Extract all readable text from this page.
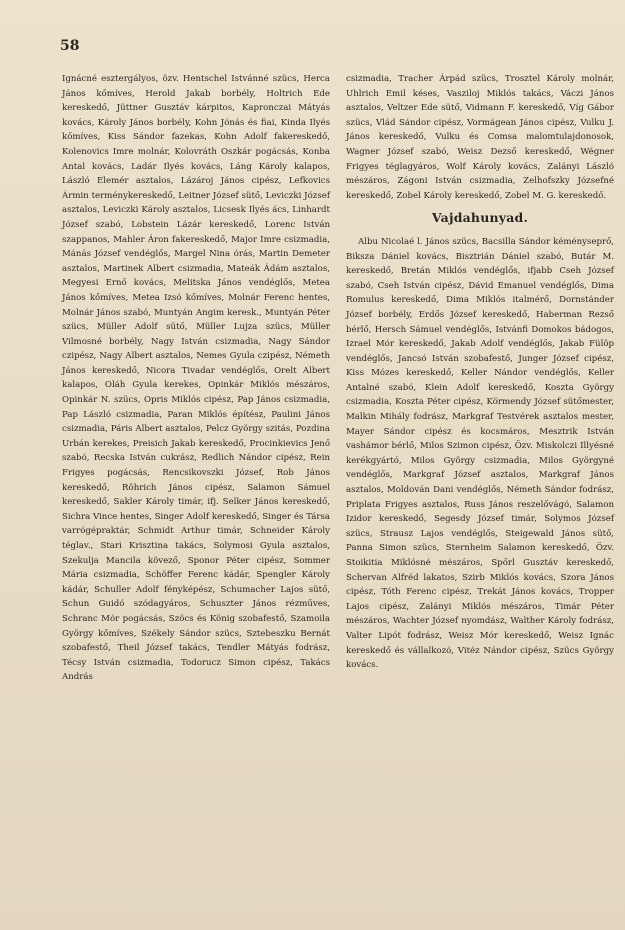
58

Ignácné esztergályos, özv. Hentschel Istvánné szücs, Herca János kőmíves, Herold Jakab borbély, Holtrich Ede kereskedő, Jüttner Gusztáv kárpitos, Kapronczai Mátyás kovács, Károly János borbély, Kohn Jónás és fiai, Kinda Ilyés kőmíves, Kiss Sándor fazekas, Kohn Adolf fakereskedő, Kolenovics Imre molnár, Kolovráth Oszkár pogácsás, Konba Antal kovács, Ladár Ilyés kovács, Láng Károly kalapos, László Elemér asztalos, Lázároj János cipész, Lefkovics Ármin terménykereskedő, Leitner József sütő, Leviczki József asztalos, Leviczki Károly asztalos, Licsesk Ilyés ács, Linhardt József szabó, Lobstein Lázár kereskedő, Lorenc István szappanos, Mahler Áron fakereskedő, Major Imre csizmadia, Mánás József vendéglős, Margel Nina órás, Martin Demeter asztalos, Martinek Albert csizmadia, Mateák Ádám asztalos, Megyesi Ernő kovács, Melitska János vendéglős, Metea János kőmíves, Metea Izsó kőmíves, Molnár Ferenc hentes, Molnár János szabó, Muntyán Angim keresk., Muntyán Péter szücs, Müller Adolf sütő, Müller Lujza szücs, Müller Vilmosné borbély, Nagy István csizmadia, Nagy Sándor czipész, Nagy Albert asztalos, Nemes Gyula czipész, Németh János kereskedő, Nicora Tivadar vendéglős, Orelt Albert kalapos, Oláh Gyula kerekes, Opinkár Miklós mészáros, Opinkár N. szücs, Opris Miklós cipész, Pap János csizmadia, Pap László csizmadia, Paran Miklós építész, Paulini János csizmadia, Páris Albert asztalos, Pelcz György szitás, Pozdina Urbán kerekes, Preisich Jakab kereskedő, Procinkievics Jenő szabó, Recska István cukrász, Redlich Nándor cipész, Rein Frigyes pogácsás, Rencsikovszki József, Rob János kereskedő, Röhrich János cipész, Salamon Sámuel kereskedő, Sakler Károly timár, ifj. Selker János kereskedő, Sichra Vince hentes, Singer Adolf kereskedő, Singer és Társa varrógépraktár, Schmidt Arthur timár, Schneider Károly téglav., Stari Krisztina takács, Solymosi Gyula asztalos, Szekulja Mancila kövező, Sponor Péter cipész, Sommer Mária csizmadia, Schöffer Ferenc kádár, Spengler Károly kádár, Schuller Adolf fényképész, Schumacher Lajos sütő, Schun Guidó szódagyáros, Schuszter János rézműves, Schranc Mór pogácsás, Szöcs és König szobafestő, Szamoila György kőmíves, Székely Sándor szücs, Sztebeszku Bernát szobafestő, Theil József takács, Tendler Mátyás fodrász, Técsy István csizmadia, Todorucz Simon cipész, Takács András

csizmadia, Tracher Árpád szücs, Trosztel Károly molnár, Uhlrich Emil késes, Vasziloj Miklós takács, Váczi János asztalos, Veltzer Ede sütő, Vidmann F. kereskedő, Víg Gábor szücs, Vlád Sándor cipész, Vormágean János cipész, Vulku J. János kereskedő, Vulku és Comsa malomtulajdonosok, Wagner József szabó, Weisz Dezső kereskedő, Wégner Frigyes téglagyáros, Wolf Károly kovács, Zalányi László mészáros, Zágoni István csizmadia, Zelhofszky Józsefné kereskedő, Zobel Károly kereskedő, Zobel M. G. kereskedő.

Vajdahunyad.

Albu Nicolaé l. János szücs, Bacsilla Sándor kéményseprő, Biksza Dániel kovács, Bisztrián Dániel szabó, Butár M. kereskedő, Bretán Miklós vendéglős, ifjabb Cseh József szabó, Cseh István cipész, Dávid Emanuel vendéglős, Dima Romulus kereskedő, Dima Miklós italmérő, Dornstánder József borbély, Erdős József kereskedő, Haberman Rezső bérlő, Hersch Sámuel vendéglős, Istvánfi Domokos bádogos, Izrael Mór kereskedő, Jakab Adolf vendéglős, Jakab Fülöp vendéglős, Jancsó István szobafestő, Junger József cipész, Kiss Mózes kereskedő, Keller Nándor vendéglős, Keller Antalné szabó, Klein Adolf kereskedő, Koszta György csizmadia, Koszta Péter cipész, Körmendy József sütőmester, Malkin Mihály fodrász, Markgraf Testvérek asztalos mester, Mayer Sándor cipész és kocsmáros, Mesztrik István vashámor bérlő, Milos Szimon cipész, Özv. Miskolczi Illyésné kerékgyártó, Milos György csizmadia, Milos Györgyné vendéglős, Markgraf József asztalos, Markgraf János asztalos, Moldován Dani vendéglős, Németh Sándor fodrász, Priplata Frigyes asztalos, Russ János reszelővágó, Salamon Izidor kereskedő, Segesdy József timár, Solymos József szücs, Strausz Lajos vendéglős, Steigewald János sütő, Panna Simon szücs, Sternheim Salamon kereskedő, Özv. Stoikitia Miklósné mészáros, Spőrl Gusztáv kereskedő, Schervan Alfréd lakatos, Szirb Miklós kovács, Szora János cipész, Tóth Ferenc cipész, Trekát János kovács, Tropper Lajos cipész, Zalányi Miklós mészáros, Timár Péter mészáros, Wachter József nyomdász, Walther Károly fodrász, Valter Lipót fodrász, Weisz Mór kereskedő, Weisz Ignác kereskedő és vállalkozó, Vitéz Nándor cipész, Szücs György kovács.
